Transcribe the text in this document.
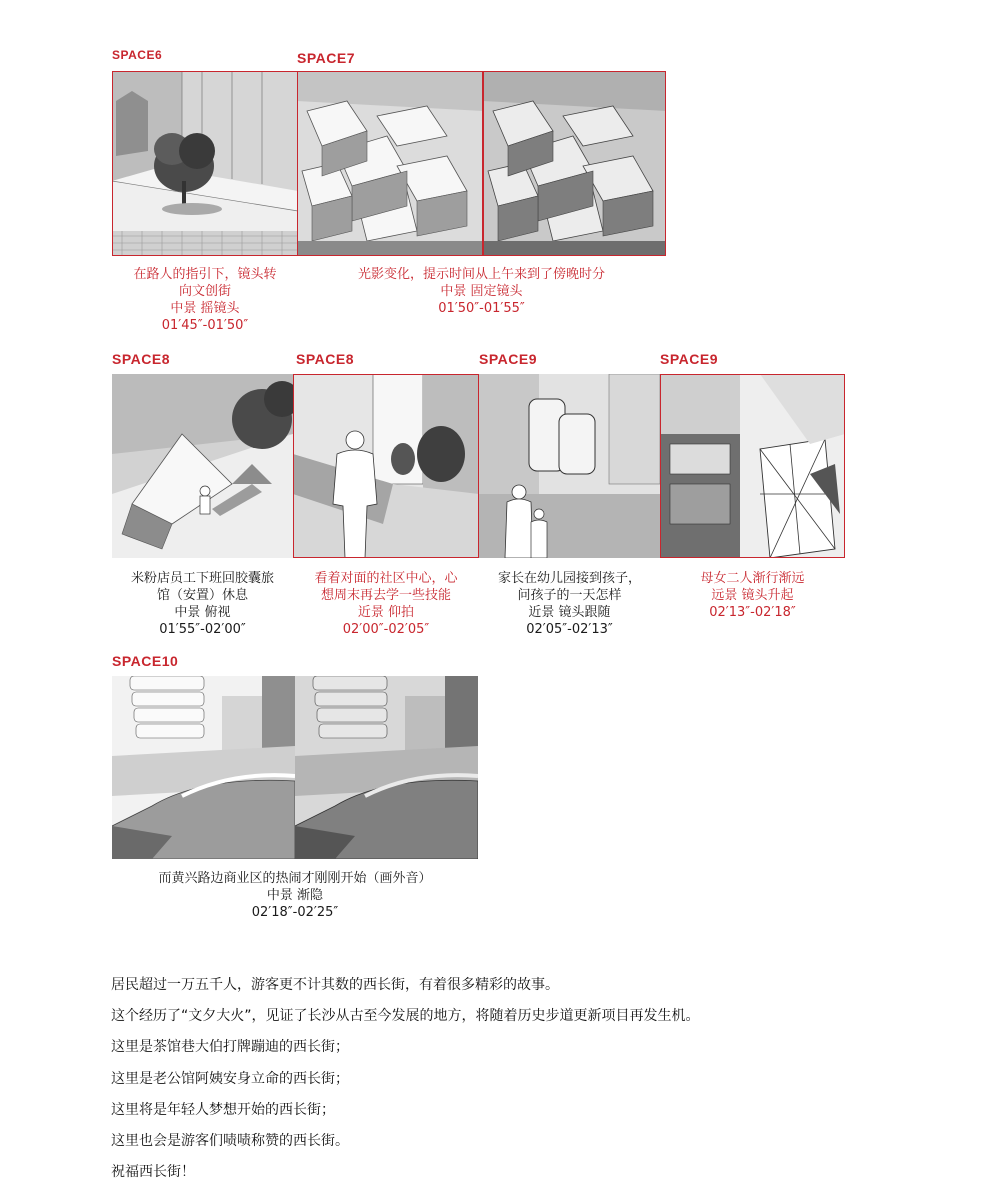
SPACE6	SPACE7
SPACE8	SPACE8	SPACE9	SPACE9
SPACE10
在路人的指引下，镜头转
向文创街
中景 摇镜头
01′45″-01′50″
光影变化，提示时间从上午来到了傍晚时分
中景 固定镜头
01′50″-01′55″
米粉店员工下班回胶囊旅
馆（安置）休息
中景 俯视
01′55″-02′00″
看着对面的社区中心，心
想周末再去学一些技能
近景 仰拍
02′00″-02′05″
家长在幼儿园接到孩子，
问孩子的一天怎样
近景 镜头跟随
02′05″-02′13″
母女二人渐行渐远
远景 镜头升起
02′13″-02′18″
而黄兴路边商业区的热闹才刚刚开始（画外音）
中景 渐隐
02′18″-02′25″
居民超过一万五千人，游客更不计其数的西长街，有着很多精彩的故事。
这个经历了“文夕大火”，见证了长沙从古至今发展的地方，将随着历史步道更新项目再发生机。
这里是茶馆巷大伯打牌蹦迪的西长街；
这里是老公馆阿姨安身立命的西长街；
这里将是年轻人梦想开始的西长街；
这里也会是游客们啧啧称赞的西长街。
祝福西长街！
